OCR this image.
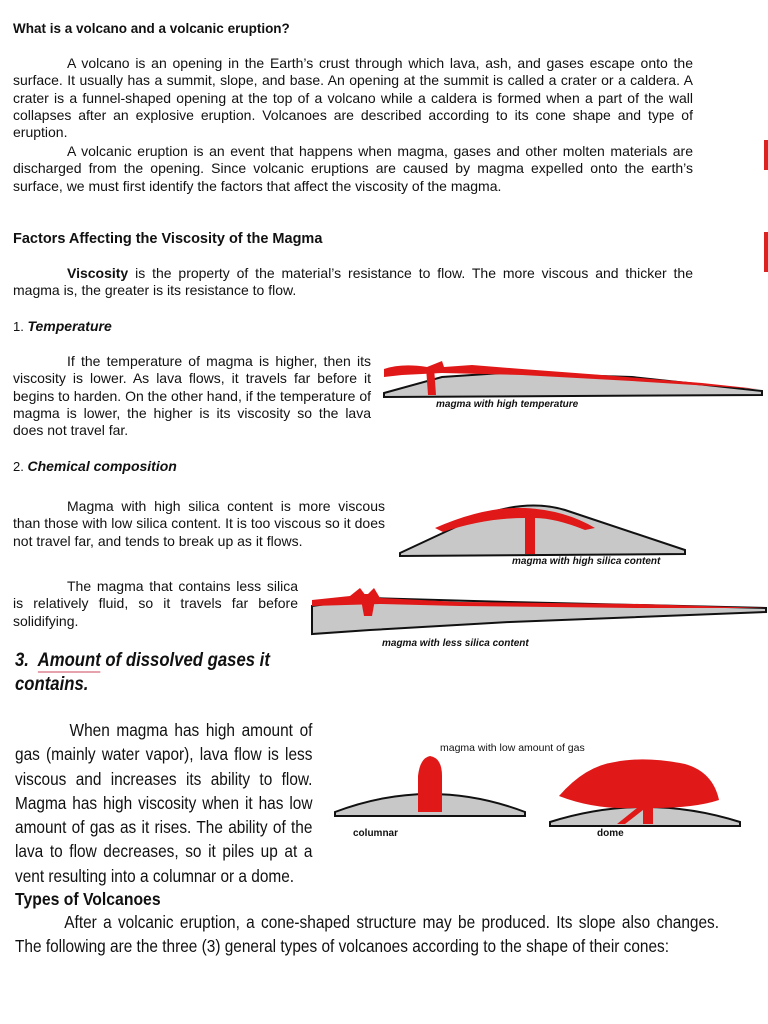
What is a volcano and a volcanic eruption?

A volcano is an opening in the Earth’s crust through which lava, ash, and gases escape onto the surface. It usually has a summit, slope, and base. An opening at the summit is called a crater or a caldera. A crater is a funnel-shaped opening at the top of a volcano while a caldera is formed when a part of the wall collapses after an explosive eruption. Volcanoes are described according to its cone shape and type of eruption.

A volcanic eruption is an event that happens when magma, gases and other molten materials are discharged from the opening. Since volcanic eruptions are caused by magma expelled onto the earth’s surface, we must first identify the factors that affect the viscosity of the magma.

Factors Affecting the Viscosity of the Magma

Viscosity is the property of the material’s resistance to flow. The more viscous and thicker the magma is, the greater is its resistance to flow.

1. Temperature

If the temperature of magma is higher, then its viscosity is lower. As lava flows, it travels far before it begins to harden. On the other hand, if the temperature of magma is lower, the higher is its viscosity so the lava does not travel far.

magma with high temperature

2. Chemical composition

Magma with high silica content is more viscous than those with low silica content. It is too viscous so it does not travel far, and tends to break up as it flows.

The magma that contains less silica is relatively fluid, so it travels far before solidifying.

magma with high silica content
magma with less silica content

3. Amount of dissolved gases it

contains.

When magma has high amount of gas (mainly water vapor), lava flow is less viscous and increases its ability to flow. Magma has high viscosity when it has low amount of gas as it rises. The ability of the lava to flow decreases, so it piles up at a vent resulting into a columnar or a dome.

magma with low amount of gas
columnar	dome
Types of Volcanoes

After a volcanic eruption, a cone-shaped structure may be produced. Its slope also changes. The following are the three (3) general types of volcanoes according to the shape of their cones:
